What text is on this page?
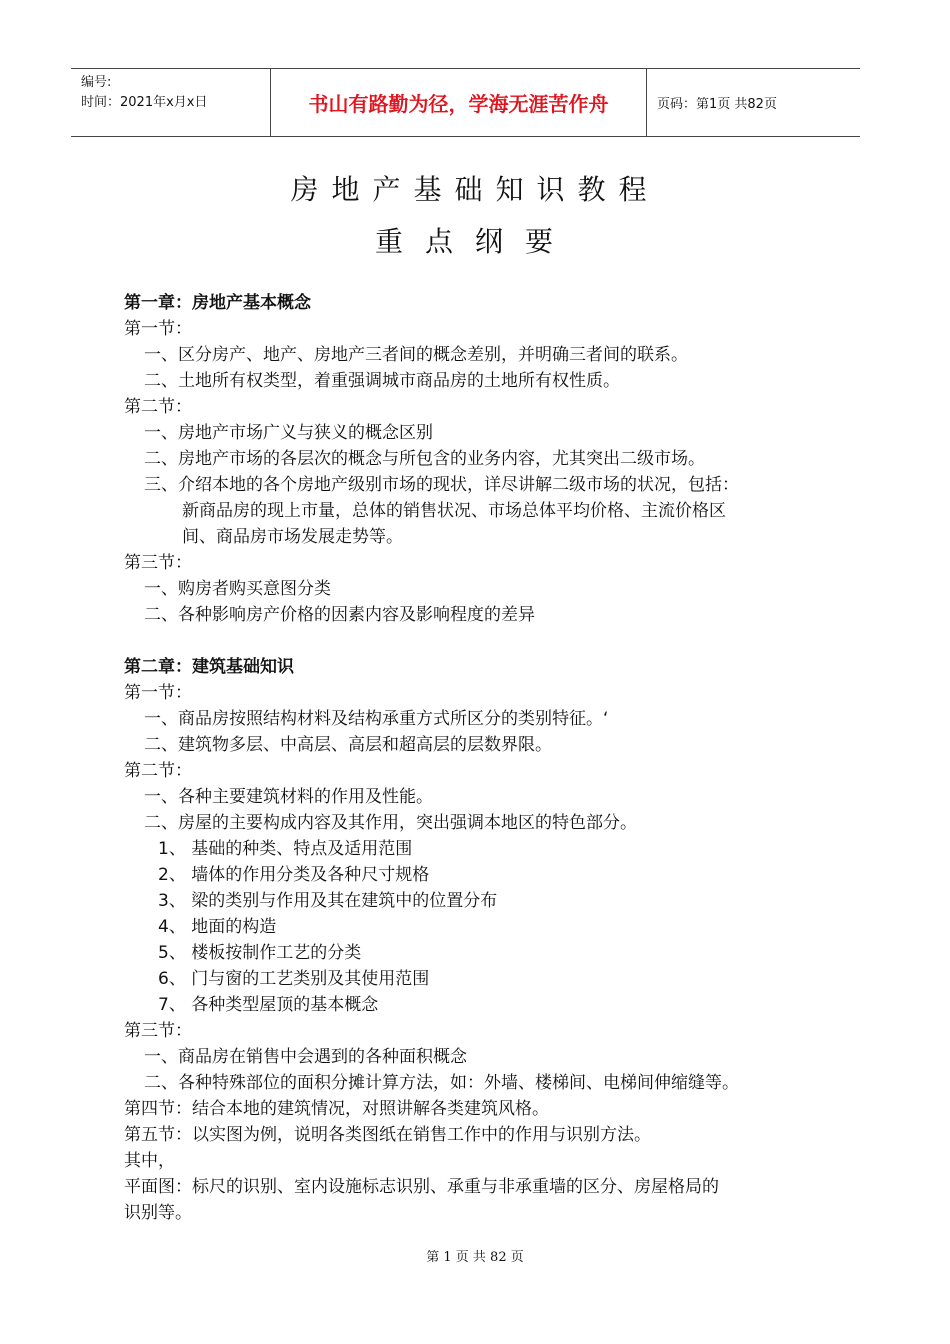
编号:
时间：2021年x月x日	书山有路勤为径，学海无涯苦作舟	页码：第1页 共82页
房地产基础知识教程
重点纲要
第一章：房地产基本概念
第一节：
一、区分房产、地产、房地产三者间的概念差别，并明确三者间的联系。
二、土地所有权类型，着重强调城市商品房的土地所有权性质。
第二节：
一、房地产市场广义与狭义的概念区别
二、房地产市场的各层次的概念与所包含的业务内容，尤其突出二级市场。
三、介绍本地的各个房地产级别市场的现状，详尽讲解二级市场的状况，包括：
新商品房的现上市量，总体的销售状况、市场总体平均价格、主流价格区
间、商品房市场发展走势等。
第三节：
一、购房者购买意图分类
二、各种影响房产价格的因素内容及影响程度的差异
第二章：建筑基础知识
第一节：
一、商品房按照结构材料及结构承重方式所区分的类别特征。‘
二、建筑物多层、中高层、高层和超高层的层数界限。
第二节：
一、各种主要建筑材料的作用及性能。
二、房屋的主要构成内容及其作用，突出强调本地区的特色部分。
1、 基础的种类、特点及适用范围
2、 墙体的作用分类及各种尺寸规格
3、 梁的类别与作用及其在建筑中的位置分布
4、 地面的构造
5、 楼板按制作工艺的分类
6、 门与窗的工艺类别及其使用范围
7、 各种类型屋顶的基本概念
第三节：
一、商品房在销售中会遇到的各种面积概念
二、各种特殊部位的面积分摊计算方法，如：外墙、楼梯间、电梯间伸缩缝等。
第四节：结合本地的建筑情况，对照讲解各类建筑风格。
第五节：以实图为例，说明各类图纸在销售工作中的作用与识别方法。
其中，
平面图：标尺的识别、室内设施标志识别、承重与非承重墙的区分、房屋格局的
识别等。
第 1 页 共 82 页
